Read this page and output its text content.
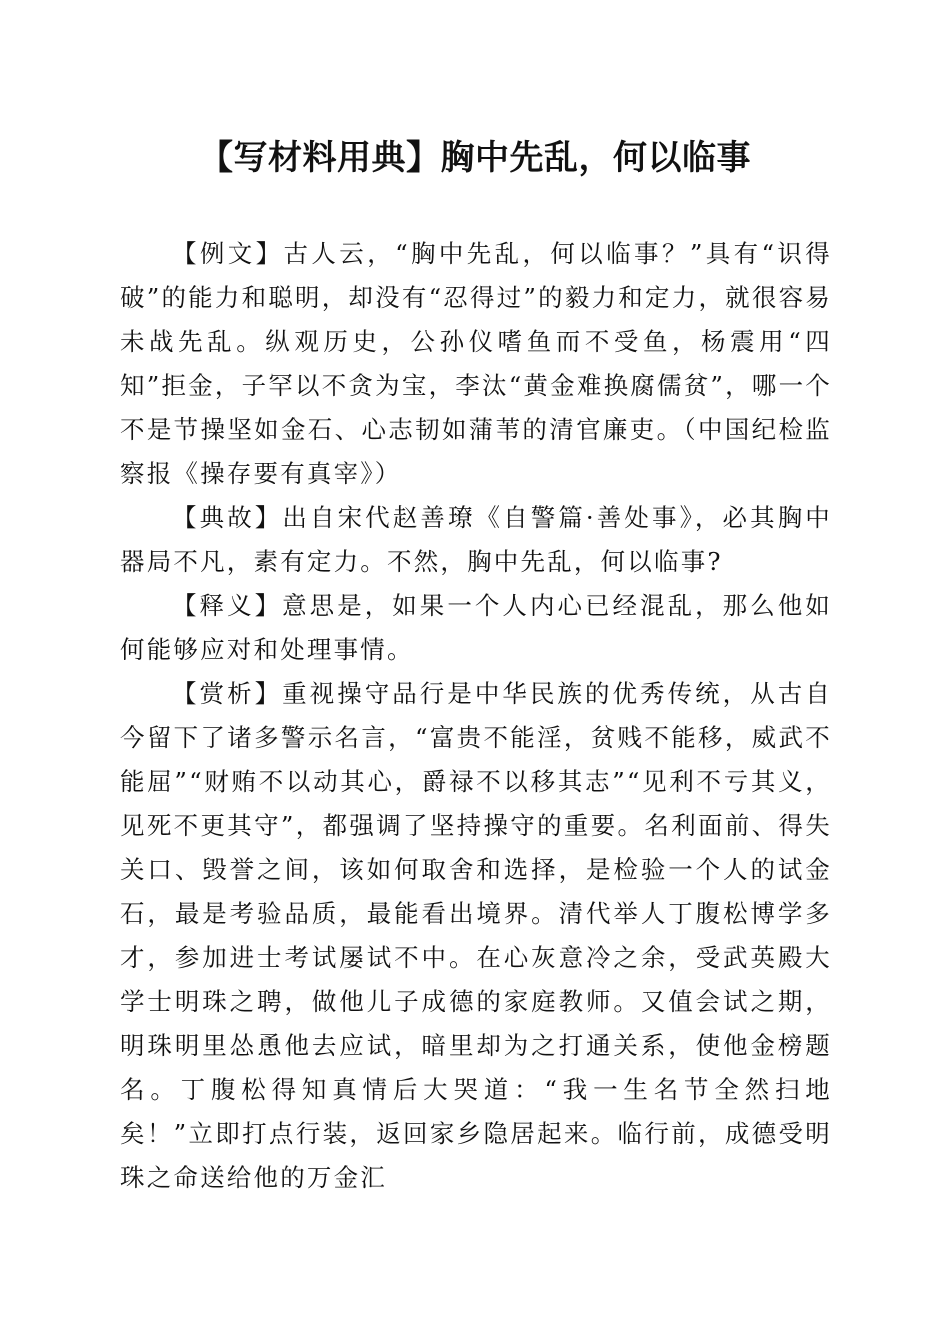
【写材料用典】胸中先乱，何以临事

【例文】古人云，“胸中先乱，何以临事？”具有“识得破”的能力和聪明，却没有“忍得过”的毅力和定力，就很容易未战先乱。纵观历史，公孙仪嗜鱼而不受鱼，杨震用“四知”拒金，子罕以不贪为宝，李汰“黄金难换腐儒贫”，哪一个不是节操坚如金石、心志韧如蒲苇的清官廉吏。（中国纪检监察报《操存要有真宰》）

【典故】出自宋代赵善璙《自警篇·善处事》，必其胸中器局不凡，素有定力。不然，胸中先乱，何以临事?

【释义】意思是，如果一个人内心已经混乱，那么他如何能够应对和处理事情。

【赏析】重视操守品行是中华民族的优秀传统，从古自今留下了诸多警示名言，“富贵不能淫，贫贱不能移，威武不能屈”“财贿不以动其心，爵禄不以移其志”“见利不亏其义，见死不更其守”，都强调了坚持操守的重要。名利面前、得失关口、毁誉之间，该如何取舍和选择，是检验一个人的试金石，最是考验品质，最能看出境界。清代举人丁腹松博学多才，参加进士考试屡试不中。在心灰意冷之余，受武英殿大学士明珠之聘，做他儿子成德的家庭教师。又值会试之期，明珠明里怂恿他去应试，暗里却为之打通关系，使他金榜题名。丁腹松得知真情后大哭道：“我一生名节全然扫地矣！”立即打点行装，返回家乡隐居起来。临行前，成德受明珠之命送给他的万金汇
